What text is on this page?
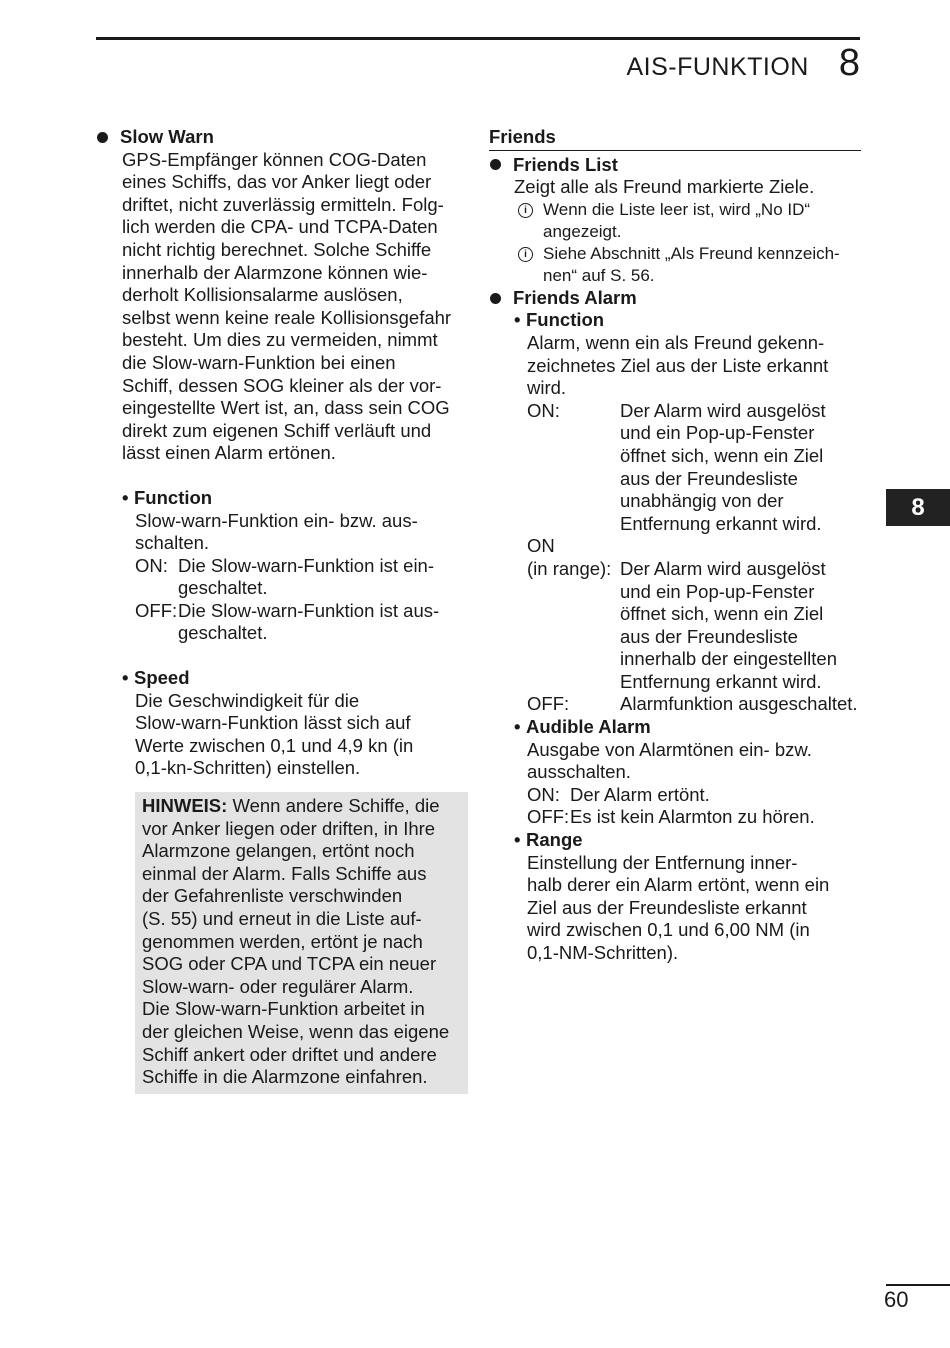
AIS-FUNKTION 8
Slow Warn
GPS-Empfänger können COG-Daten
eines Schiffs, das vor Anker liegt oder
driftet, nicht zuverlässig ermitteln. Folg-
lich werden die CPA- und TCPA-Daten
nicht richtig berechnet. Solche Schiffe
innerhalb der Alarmzone können wie-
derholt Kollisionsalarme auslösen,
selbst wenn keine reale Kollisionsgefahr
besteht. Um dies zu vermeiden, nimmt
die Slow-warn-Funktion bei einen
Schiff, dessen SOG kleiner als der vor-
eingestellte Wert ist, an, dass sein COG
direkt zum eigenen Schiff verläuft und
lässt einen Alarm ertönen.
• Function
Slow-warn-Funktion ein- bzw. aus-
schalten.
ON: Die Slow-warn-Funktion ist ein-
geschaltet.
OFF: Die Slow-warn-Funktion ist aus-
geschaltet.
• Speed
Die Geschwindigkeit für die
Slow-warn-Funktion lässt sich auf
Werte zwischen 0,1 und 4,9 kn (in
0,1-kn-Schritten) einstellen.
HINWEIS: Wenn andere Schiffe, die
vor Anker liegen oder driften, in Ihre
Alarmzone gelangen, ertönt noch
einmal der Alarm. Falls Schiffe aus
der Gefahrenliste verschwinden
(S. 55) und erneut in die Liste auf-
genommen werden, ertönt je nach
SOG oder CPA und TCPA ein neuer
Slow-warn- oder regulärer Alarm.
Die Slow-warn-Funktion arbeitet in
der gleichen Weise, wenn das eigene
Schiff ankert oder driftet und andere
Schiffe in die Alarmzone einfahren.
Friends
Friends List
Zeigt alle als Freund markierte Ziele.
i Wenn die Liste leer ist, wird „No ID“
angezeigt.
i Siehe Abschnitt „Als Freund kennzeich-
nen“ auf S. 56.
Friends Alarm
• Function
Alarm, wenn ein als Freund gekenn-
zeichnetes Ziel aus der Liste erkannt
wird.
ON:	Der Alarm wird ausgelöst
und ein Pop-up-Fenster
öffnet sich, wenn ein Ziel
aus der Freundesliste
unabhängig von der
Entfernung erkannt wird.
ON
(in range): Der Alarm wird ausgelöst
und ein Pop-up-Fenster
öffnet sich, wenn ein Ziel
aus der Freundesliste
innerhalb der eingestellten
Entfernung erkannt wird.
OFF:	Alarmfunktion ausgeschaltet.
• Audible Alarm
Ausgabe von Alarmtönen ein- bzw.
ausschalten.
ON: Der Alarm ertönt.
OFF: Es ist kein Alarmton zu hören.
• Range
Einstellung der Entfernung inner-
halb derer ein Alarm ertönt, wenn ein
Ziel aus der Freundesliste erkannt
wird zwischen 0,1 und 6,00 NM (in
0,1-NM-Schritten).
8
60
